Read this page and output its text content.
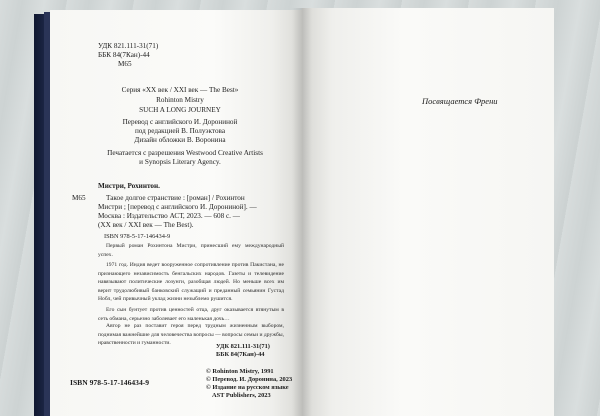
УДК 821.111-31(71)
ББК 84(7Кан)-44
М65
Серия «XX век / XXI век — The Best»
Rohinton Mistry
SUCH A LONG JOURNEY
Перевод с английского И. Дорониной
под редакцией В. Полуэктова
Дизайн обложки В. Воронина
Печатается с разрешения Westwood Creative Artists
и Synopsis Literary Agency.
Мистри, Рохинтон.
М65	Такое долгое странствие : [роман] / Рохинтон
Мистри ; [перевод с английского И. Дорониной]. —
Москва : Издательство АСТ, 2023. — 608 с. —
(XX век / XXI век — The Best).
ISBN 978-5-17-146434-9
Первый роман Рохинтона Мистри, принесший ему международный успех.
1971 год. Индия ведет вооруженное сопротивление против Пакистана, не признающего независимость бенгальских народов. Газеты и телевидение навязывают политические лозунги, разобщая людей. Но меньше всех им верит трудолюбивый банковский служащий и преданный семьянин Густад Нобл, чей привычный уклад жизни незыблемо рушится.
Его сын бунтует против ценностей отца, друг оказывается втянутым в сеть обмана, серьезно заболевает его маленькая дочь…
Автор не раз поставит героя перед трудным жизненным выбором, поднимая важнейшие для человечества вопросы — вопросы семьи и дружбы, нравственности и гуманности.	УДК 821.111-31(71)
ББК 84(7Кан)-44
© Rohinton Mistry, 1991
© Перевод. И. Доронина, 2023
© Издание на русском языке
AST Publishers, 2023
ISBN 978-5-17-146434-9
Посвящается Френи
